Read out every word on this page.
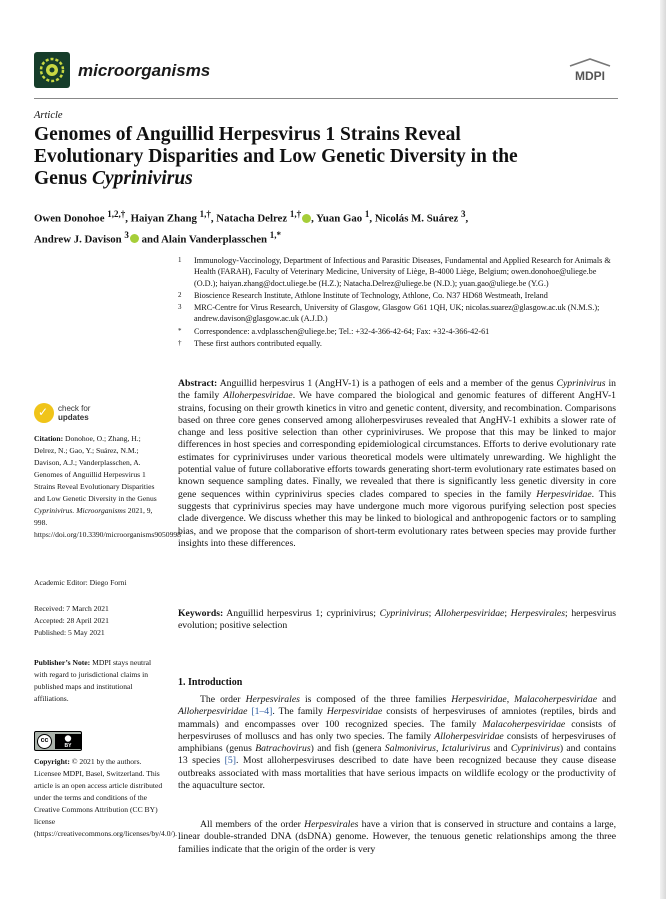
microorganisms	MDPI
Article
Genomes of Anguillid Herpesvirus 1 Strains Reveal
Evolutionary Disparities and Low Genetic Diversity in the
Genus Cyprinivirus
Owen Donohoe $^{1,2,\dagger}$, Haiyan Zhang $^{1,\dagger}$, Natacha Delrez $^{1,\dagger}$ , Yuan Gao $^1$, Nicolás M. Suárez $^3$,
Andrew J. Davison $^3$ and Alain Vanderplasschen $^{1,*}$
1 Immunology-Vaccinology, Department of Infectious and Parasitic Diseases, Fundamental and Applied Research for Animals & Health (FARAH), Faculty of Veterinary Medicine, University of Liège, B-4000 Liège, Belgium; owen.donohoe@uliege.be (O.D.); haiyan.zhang@doct.uliege.be (H.Z.); Natacha.Delrez@uliege.be (N.D.); yuan.gao@uliege.be (Y.G.)
2 Bioscience Research Institute, Athlone Institute of Technology, Athlone, Co. N37 HD68 Westmeath, Ireland
3 MRC-Centre for Virus Research, University of Glasgow, Glasgow G61 1QH, UK; nicolas.suarez@glasgow.ac.uk (N.M.S.); andrew.davison@glasgow.ac.uk (A.J.D.)
* Correspondence: a.vdplasschen@uliege.be; Tel.: +32-4-366-42-64; Fax: +32-4-366-42-61
† These first authors contributed equally.
✓ check for
updates
Citation: Donohoe, O.; Zhang, H.; Delrez, N.; Gao, Y.; Suárez, N.M.; Davison, A.J.; Vanderplasschen, A. Genomes of Anguillid Herpesvirus 1 Strains Reveal Evolutionary Disparities and Low Genetic Diversity in the Genus Cyprinivirus. Microorganisms 2021, 9, 998. https://doi.org/10.3390/microorganisms9050998
Academic Editor: Diego Forni
Received: 7 March 2021
Accepted: 28 April 2021
Published: 5 May 2021
Publisher’s Note: MDPI stays neutral with regard to jurisdictional claims in published maps and institutional affiliations.
cc
BY
Copyright: © 2021 by the authors. Licensee MDPI, Basel, Switzerland. This article is an open access article distributed under the terms and conditions of the Creative Commons Attribution (CC BY) license (https://creativecommons.org/licenses/by/4.0/).
Abstract: Anguillid herpesvirus 1 (AngHV-1) is a pathogen of eels and a member of the genus Cyprinivirus in the family Alloherpesviridae. We have compared the biological and genomic features of different AngHV-1 strains, focusing on their growth kinetics in vitro and genetic content, diversity, and recombination. Comparisons based on three core genes conserved among alloherpesviruses revealed that AngHV-1 exhibits a slower rate of change and less positive selection than other cypriniviruses. We propose that this may be linked to major differences in host species and corresponding epidemiological circumstances. Efforts to derive evolutionary rate estimates for cypriniviruses under various theoretical models were ultimately unrewarding. We highlight the potential value of future collaborative efforts towards generating short-term evolutionary rate estimates based on known sequence sampling dates. Finally, we revealed that there is significantly less genetic diversity in core gene sequences within cyprinivirus species clades compared to species in the family Herpesviridae. This suggests that cyprinivirus species may have undergone much more vigorous purifying selection post species clade divergence. We discuss whether this may be linked to biological and anthropogenic factors or to sampling bias, and we propose that the comparison of short-term evolutionary rates between species may provide further insights into these differences.
Keywords: Anguillid herpesvirus 1; cyprinivirus; Cyprinivirus; Alloherpesviridae; Herpesvirales; herpesvirus evolution; positive selection
1. Introduction
The order Herpesvirales is composed of the three families Herpesviridae, Malacoherpesviridae and Alloherpesviridae [1–4]. The family Herpesviridae consists of herpesviruses of amniotes (reptiles, birds and mammals) and encompasses over 100 recognized species. The family Malacoherpesviridae consists of herpesviruses of molluscs and has only two species. The family Alloherpesviridae consists of herpesviruses of amphibians (genus Batrachovirus) and fish (genera Salmonivirus, Ictalurivirus and Cyprinivirus) and contains 13 species [5]. Most alloherpesviruses described to date have been recognized because they cause disease outbreaks associated with mass mortalities that have serious impacts on wildlife ecology or the productivity of the aquaculture sector.
All members of the order Herpesvirales have a virion that is conserved in structure and contains a large, linear double-stranded DNA (dsDNA) genome. However, the tenuous genetic relationships among the three families indicate that the origin of the order is very
